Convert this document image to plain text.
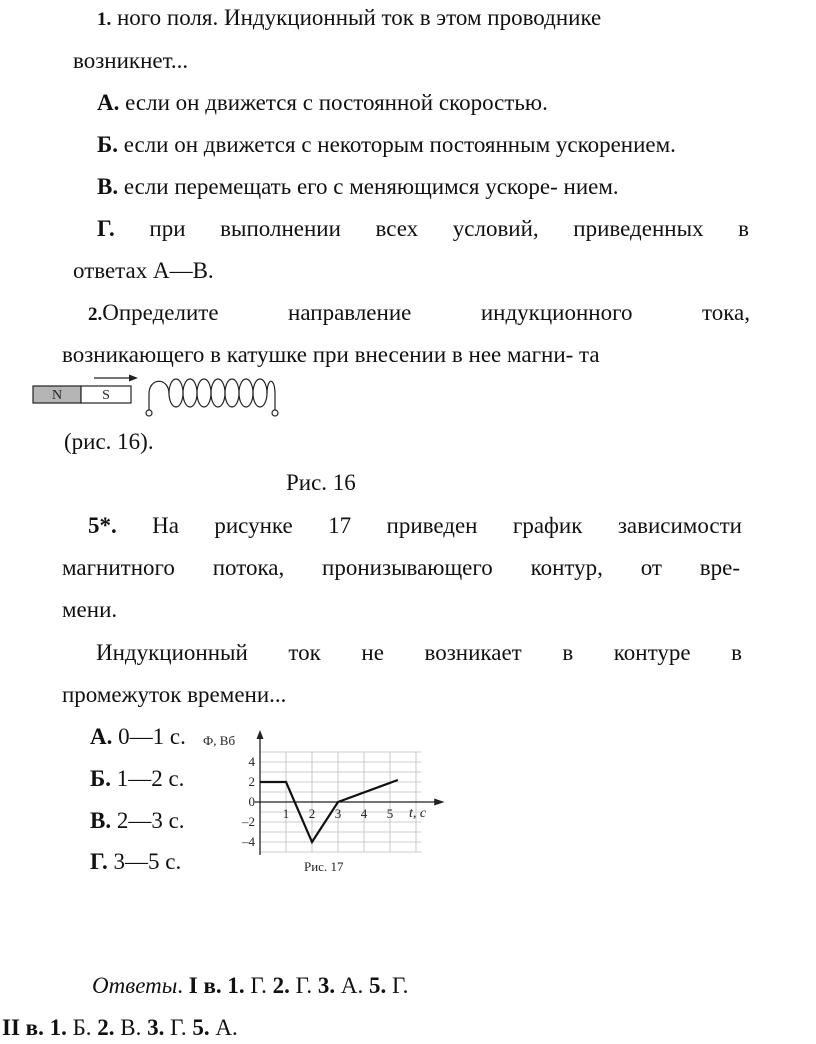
1. ного поля. Индукционный ток в этом проводнике
возникнет...
А. если он движется с постоянной скоростью.
Б. если он движется с некоторым постоянным ускорением.
В. если перемещать его с меняющимся ускоре- нием.
Г. при выполнении всех условий, приведенных в
ответах А—В.
2.Определите направление индукционного тока,
возникающего в катушке при внесении в нее магни- та
N	S
(рис. 16).
Рис. 16
5*. На рисунке 17 приведен график зависимости
магнитного потока, пронизывающего контур, от вре-
мени.
Индукционный ток не возникает в контуре в
промежуток времени...
А. 0—1 с.
Б. 1—2 с.
В. 2—3 с.
Г. 3—5 с.
1 2 3 4 5
4
2
0
–2
–4
Ф, Вб
t, c
Рис. 17
Ответы. I в. 1. Г. 2. Г. 3. А. 5. Г.
II в. 1. Б. 2. В. 3. Г. 5. А.
